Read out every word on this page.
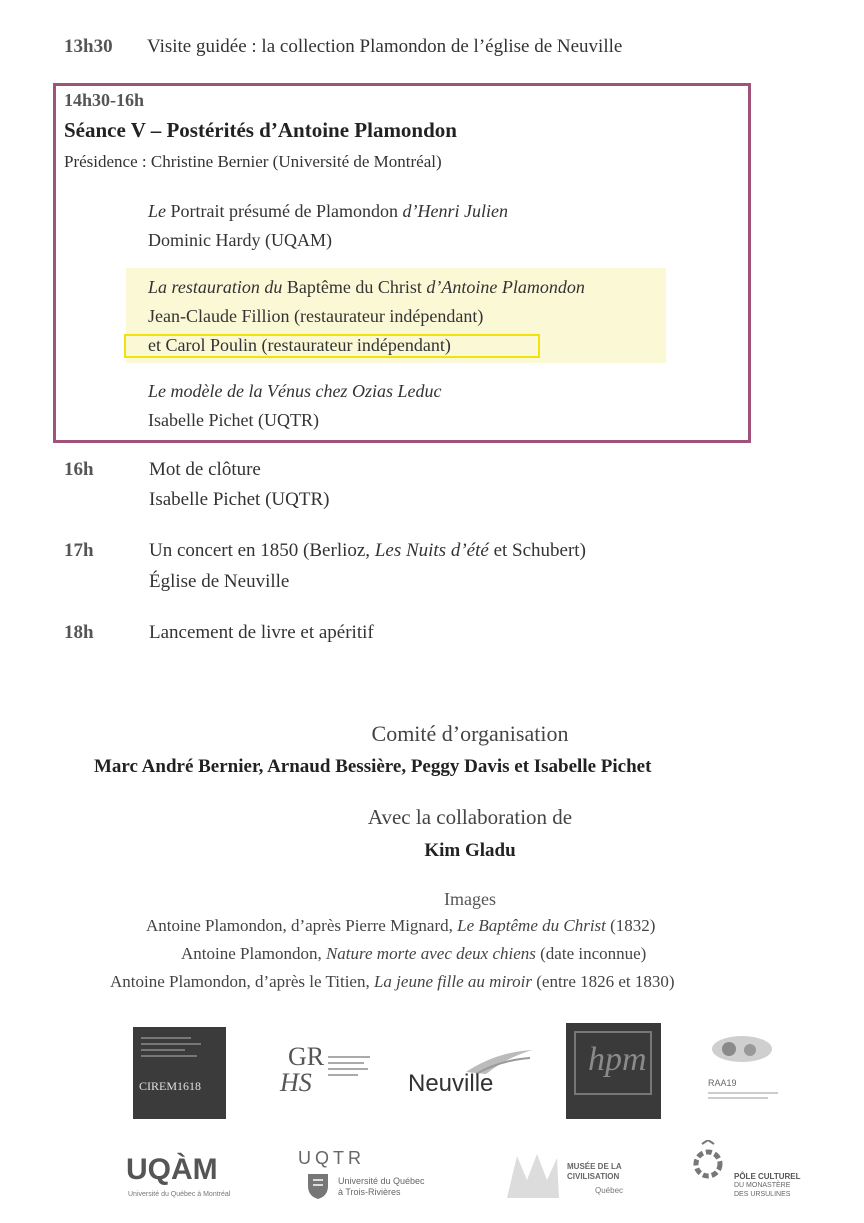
13h30 Visite guidée : la collection Plamondon de l’église de Neuville
14h30-16h
Séance V – Postérités d’Antoine Plamondon
Présidence : Christine Bernier (Université de Montréal)
Le Portrait présumé de Plamondon d’Henri Julien
Dominic Hardy (UQAM)
La restauration du Baptême du Christ d’Antoine Plamondon
Jean-Claude Fillion (restaurateur indépendant)
et Carol Poulin (restaurateur indépendant)
Le modèle de la Vénus chez Ozias Leduc
Isabelle Pichet (UQTR)
16h	Mot de clôture
Isabelle Pichet (UQTR)
17h	Un concert en 1850 (Berlioz, Les Nuits d’été et Schubert)
Église de Neuville
18h	Lancement de livre et apéritif
Comité d’organisation
Marc André Bernier, Arnaud Bessière, Peggy Davis et Isabelle Pichet
Avec la collaboration de
Kim Gladu
Images
Antoine Plamondon, d’après Pierre Mignard, Le Baptême du Christ (1832)
Antoine Plamondon, Nature morte avec deux chiens (date inconnue)
Antoine Plamondon, d’après le Titien, La jeune fille au miroir (entre 1826 et 1830)
CIREM1618
GR
HS	Neuville
hpm
RAA19
UQÀM
Université du Québec à Montréal
UQTR
Université du Québec
à Trois-Rivières
MUSÉE DE LA
CIVILISATION
Québec
PÔLE CULTUREL
DU MONASTÈRE
DES URSULINES
